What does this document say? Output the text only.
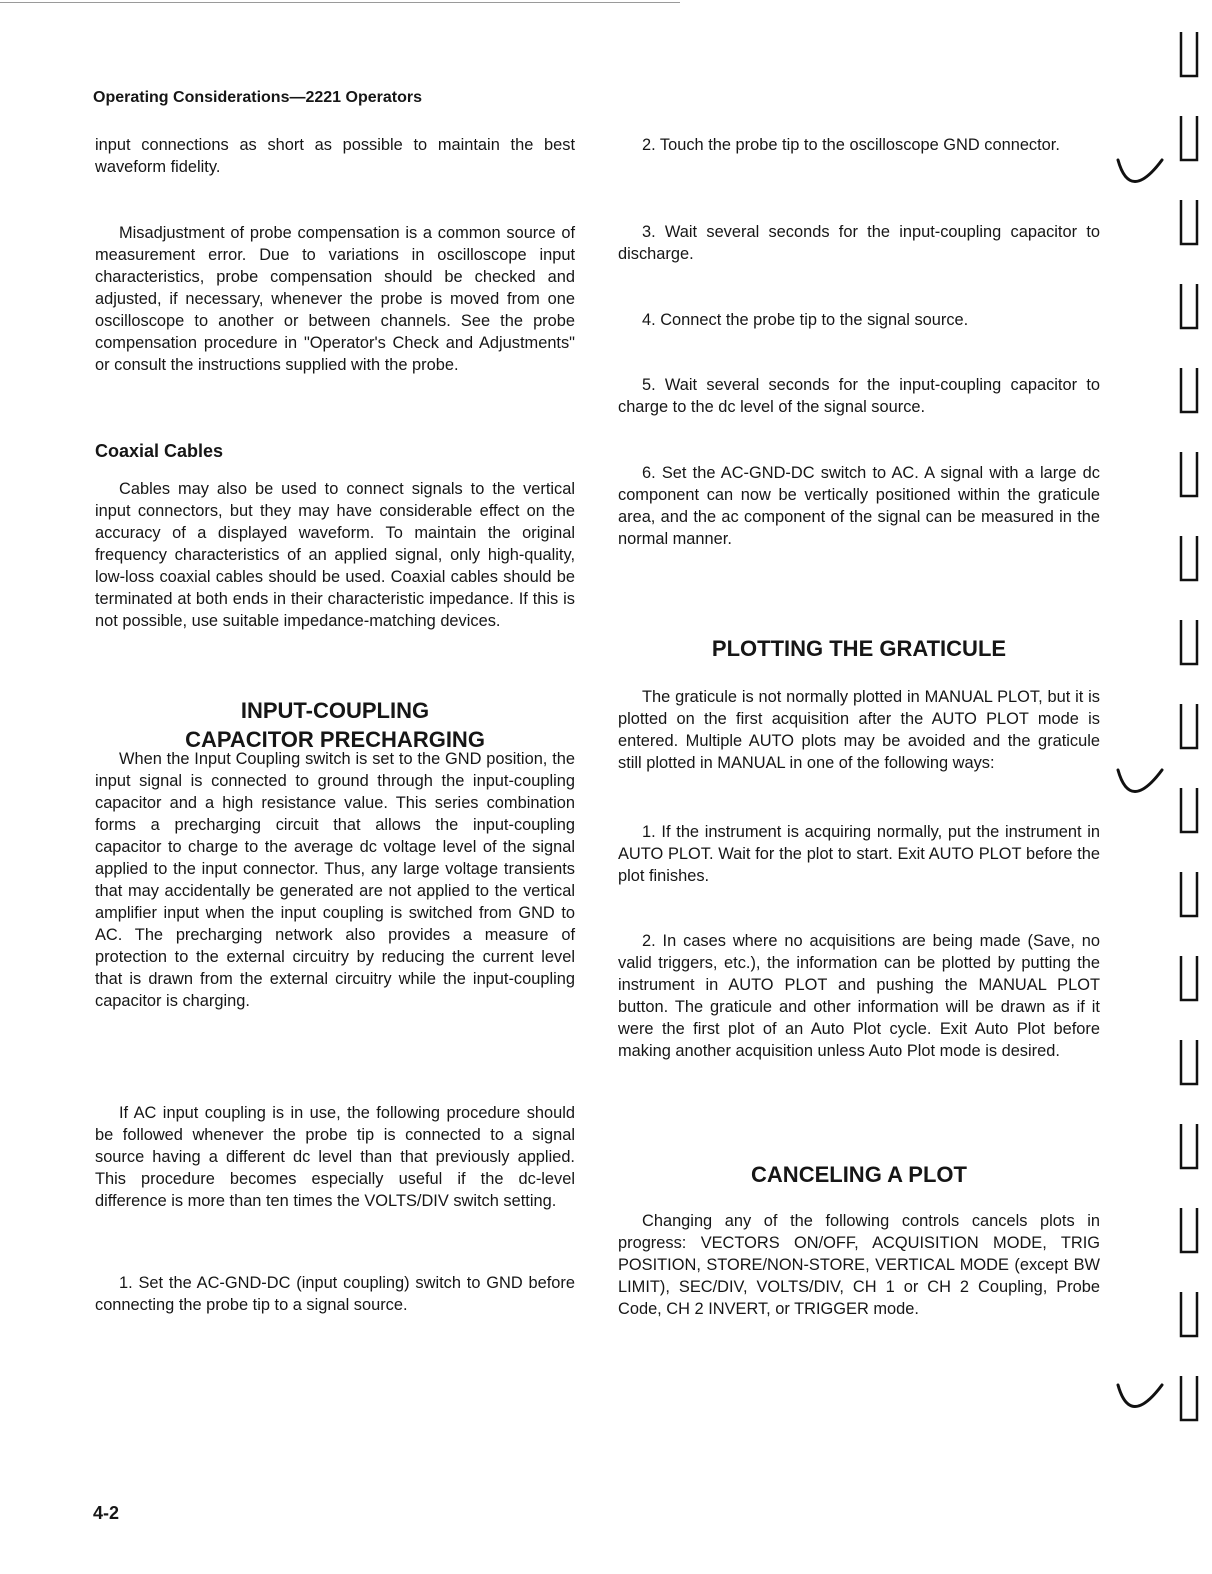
Operating Considerations—2221 Operators

input connections as short as possible to maintain the best waveform fidelity.

Misadjustment of probe compensation is a common source of measurement error. Due to variations in oscilloscope input characteristics, probe compensation should be checked and adjusted, if necessary, whenever the probe is moved from one oscilloscope to another or between channels. See the probe compensation procedure in "Operator's Check and Adjustments" or consult the instructions supplied with the probe.

Coaxial Cables

Cables may also be used to connect signals to the vertical input connectors, but they may have considerable effect on the accuracy of a displayed waveform. To maintain the original frequency characteristics of an applied signal, only high-quality, low-loss coaxial cables should be used. Coaxial cables should be terminated at both ends in their characteristic impedance. If this is not possible, use suitable impedance-matching devices.

INPUT-COUPLING
CAPACITOR PRECHARGING

When the Input Coupling switch is set to the GND position, the input signal is connected to ground through the input-coupling capacitor and a high resistance value. This series combination forms a precharging circuit that allows the input-coupling capacitor to charge to the average dc voltage level of the signal applied to the input connector. Thus, any large voltage transients that may accidentally be generated are not applied to the vertical amplifier input when the input coupling is switched from GND to AC. The precharging network also provides a measure of protection to the external circuitry by reducing the current level that is drawn from the external circuitry while the input-coupling capacitor is charging.

If AC input coupling is in use, the following procedure should be followed whenever the probe tip is connected to a signal source having a different dc level than that previously applied. This procedure becomes especially useful if the dc-level difference is more than ten times the VOLTS/DIV switch setting.

1. Set the AC-GND-DC (input coupling) switch to GND before connecting the probe tip to a signal source.

2. Touch the probe tip to the oscilloscope GND connector.

3. Wait several seconds for the input-coupling capacitor to discharge.

4. Connect the probe tip to the signal source.

5. Wait several seconds for the input-coupling capacitor to charge to the dc level of the signal source.

6. Set the AC-GND-DC switch to AC. A signal with a large dc component can now be vertically positioned within the graticule area, and the ac component of the signal can be measured in the normal manner.

PLOTTING THE GRATICULE

The graticule is not normally plotted in MANUAL PLOT, but it is plotted on the first acquisition after the AUTO PLOT mode is entered. Multiple AUTO plots may be avoided and the graticule still plotted in MANUAL in one of the following ways:

1. If the instrument is acquiring normally, put the instrument in AUTO PLOT. Wait for the plot to start. Exit AUTO PLOT before the plot finishes.

2. In cases where no acquisitions are being made (Save, no valid triggers, etc.), the information can be plotted by putting the instrument in AUTO PLOT and pushing the MANUAL PLOT button. The graticule and other information will be drawn as if it were the first plot of an Auto Plot cycle. Exit Auto Plot before making another acquisition unless Auto Plot mode is desired.

CANCELING A PLOT

Changing any of the following controls cancels plots in progress: VECTORS ON/OFF, ACQUISITION MODE, TRIG POSITION, STORE/NON-STORE, VERTICAL MODE (except BW LIMIT), SEC/DIV, VOLTS/DIV, CH 1 or CH 2 Coupling, Probe Code, CH 2 INVERT, or TRIGGER mode.

4-2
